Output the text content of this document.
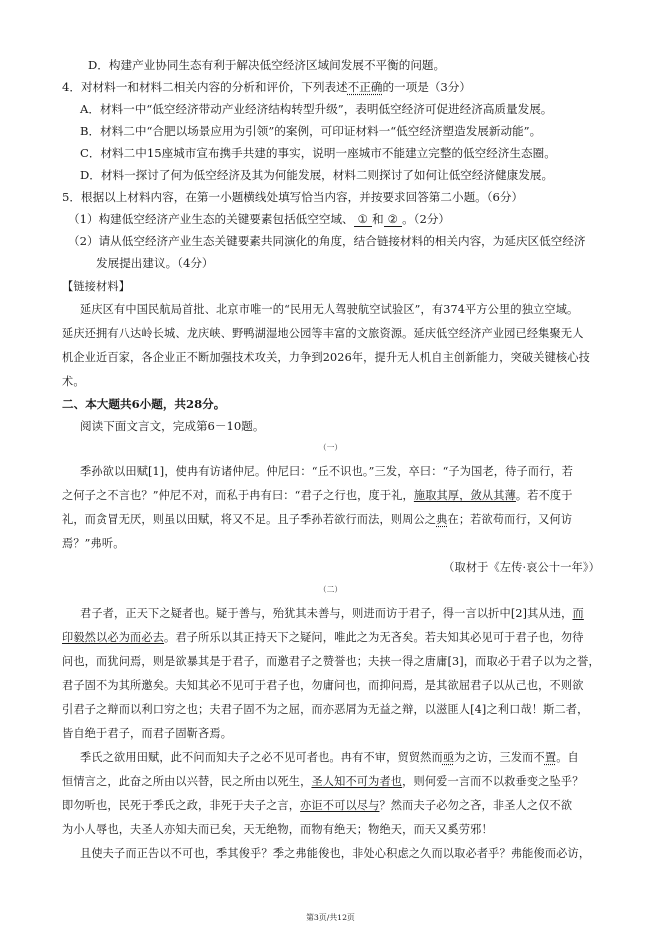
D．构建产业协同生态有利于解决低空经济区域间发展不平衡的问题。
4．对材料一和材料二相关内容的分析和评价，下列表述不正确的一项是（3分）
A．材料一中“低空经济带动产业经济结构转型升级”，表明低空经济可促进经济高质量发展。
B．材料二中“合肥以场景应用为引领”的案例，可印证材料一“低空经济塑造发展新动能”。
C．材料二中15座城市宣布携手共建的事实，说明一座城市不能建立完整的低空经济生态圈。
D．材料一探讨了何为低空经济及其为何能发展，材料二则探讨了如何让低空经济健康发展。
5．根据以上材料内容，在第一小题横线处填写恰当内容，并按要求回答第二小题。（6分）
（1）构建低空经济产业生态的关键要素包括低空空域、 ① 和 ② 。（2分）
（2）请从低空经济产业生态关键要素共同演化的角度，结合链接材料的相关内容，为延庆区低空经济
发展提出建议。（4分）
【链接材料】
延庆区有中国民航局首批、北京市唯一的“民用无人驾驶航空试验区”，有374平方公里的独立空域。
延庆还拥有八达岭长城、龙庆峡、野鸭湖湿地公园等丰富的文旅资源。延庆低空经济产业园已经集聚无人
机企业近百家，各企业正不断加强技术攻关，力争到2026年，提升无人机自主创新能力，突破关键核心技
术。
二、本大题共6小题，共28分。
阅读下面文言文，完成第6－10题。
（一）
季孙欲以田赋[1]，使冉有访诸仲尼。仲尼曰：“丘不识也。”三发，卒曰：“子为国老，待子而行，若
之何子之不言也？”仲尼不对，而私于冉有曰：“君子之行也，度于礼，施取其厚，敛从其薄。若不度于
礼，而贪冒无厌，则虽以田赋，将又不足。且子季孙若欲行而法，则周公之典在；若欲苟而行，又何访
焉？”弗听。
（取材于《左传·哀公十一年》）
（二）
君子者，正天下之疑者也。疑于善与，殆犹其未善与，则进而访于君子，得一言以折中[2]其从违，而
印毅然以必为而必去。君子所乐以其正持天下之疑问，唯此之为无吝矣。若夫知其必见可于君子也，勿待
问也，而犹问焉，则是欲暴其是于君子，而邀君子之赞誉也；夫挟一得之唐庸[3]，而取必于君子以为之誉，
君子固不为其所邀矣。夫知其必不见可于君子也，勿庸问也，而抑问焉，是其欲屈君子以从己也，不则欲
引君子之辩而以利口穷之也；夫君子固不为之屈，而亦恶屑为无益之辩，以滋匪人[4]之利口哉！斯二者，
皆自绝于君子，而君子固靳吝焉。
季氏之欲用田赋，此不问而知夫子之必不见可者也。冉有不审，贸贸然而亟为之访，三发而不置。自
恒情言之，此奋之所由以兴替，民之所由以死生，圣人知不可为者也，则何爱一言而不以救垂变之坠乎？
即勿听也，民死于季氏之政，非死于夫子之言，亦讵不可以尽与？然而夫子必勿之吝，非圣人之仅不欲
为小人辱也，夫圣人亦知夫而已矣，天无绝物，而物有绝天；物绝天，而天又奚劳邪！
且使夫子而正告以不可也，季其俊乎？季之弗能俊也，非处心积虑之久而以取必者乎？弗能俊而必访，
第3页/共12页
